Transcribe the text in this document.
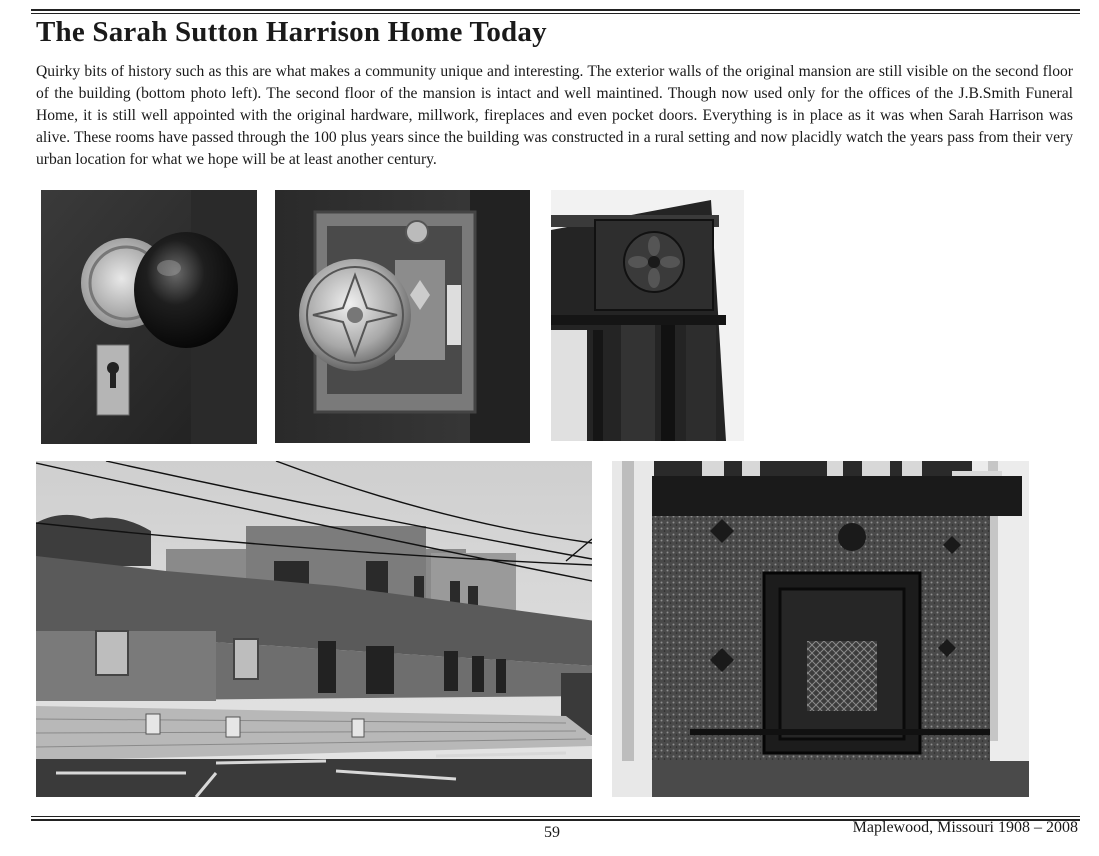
The Sarah Sutton Harrison Home Today

Quirky bits of history such as this are what makes a community unique and interesting. The exterior walls of the original mansion are still visible on the second floor of the building (bottom photo left). The second floor of the mansion is intact and well maintined. Though now used only for the offices of the J.B.Smith Funeral Home, it is still well appointed with the original hardware, millwork, fireplaces and even pocket doors. Everything is in place as it was when Sarah Harrison was alive. These rooms have passed through the 100 plus years since the building was constructed in a rural setting and now placidly watch the years pass from their very urban location for what we hope will be at least another century.

59	Maplewood, Missouri 1908 – 2008
